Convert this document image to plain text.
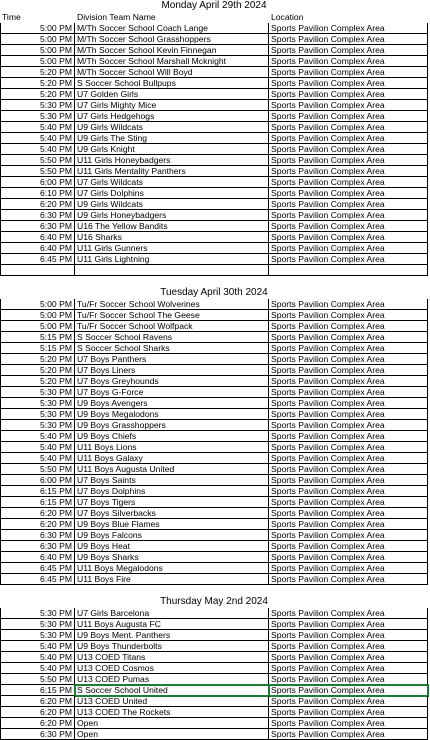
Monday April 29th 2024
Time	Division Team Name	Location
5:00 PM M/Th Soccer School Coach Lange	Sports Pavilion Complex Area
5:00 PM M/Th Soccer School Grasshoppers	Sports Pavilion Complex Area
5:00 PM M/Th Soccer School Kevin Finnegan	Sports Pavilion Complex Area
5:00 PM M/Th Soccer School Marshall Mcknight	Sports Pavilion Complex Area
5:20 PM M/Th Soccer School Will Boyd	Sports Pavilion Complex Area
5:20 PM S Soccer School Bullpups	Sports Pavilion Complex Area
5:20 PM U7 Golden Girls	Sports Pavilion Complex Area
5:30 PM U7 Girls Mighty Mice	Sports Pavilion Complex Area
5:30 PM U7 Girls Hedgehogs	Sports Pavilion Complex Area
5:40 PM U9 Girls Wildcats	Sports Pavilion Complex Area
5:40 PM U9 Girls The Sting	Sports Pavilion Complex Area
5:40 PM U9 Girls Knight	Sports Pavilion Complex Area
5:50 PM U11 Girls Honeybadgers	Sports Pavilion Complex Area
5:50 PM U11 Girls Mentality Panthers	Sports Pavilion Complex Area
6:00 PM U7 Girls Wildcats	Sports Pavilion Complex Area
6:10 PM U7 Girls Dolphins	Sports Pavilion Complex Area
6:20 PM U9 Girls Wildcats	Sports Pavilion Complex Area
6:30 PM U9 Girls Honeybadgers	Sports Pavilion Complex Area
6:30 PM U16 The Yellow Bandits	Sports Pavilion Complex Area
6:40 PM U16 Sharks	Sports Pavilion Complex Area
6:40 PM U11 Girls Gunners	Sports Pavilion Complex Area
6:45 PM U11 Girls Lightning	Sports Pavilion Complex Area
Tuesday April 30th 2024
5:00 PM Tu/Fr Soccer School Wolverines	Sports Pavilion Complex Area
5:00 PM Tu/Fr Soccer School The Geese	Sports Pavilion Complex Area
5:00 PM Tu/Fr Soccer School Wolfpack	Sports Pavilion Complex Area
5:15 PM S Soccer School Ravens	Sports Pavilion Complex Area
5:15 PM S Soccer School Sharks	Sports Pavilion Complex Area
5:20 PM U7 Boys Panthers	Sports Pavilion Complex Area
5:20 PM U7 Boys Liners	Sports Pavilion Complex Area
5:20 PM U7 Boys Greyhounds	Sports Pavilion Complex Area
5:30 PM U7 Boys G-Force	Sports Pavilion Complex Area
5:30 PM U9 Boys Avengers	Sports Pavilion Complex Area
5:30 PM U9 Boys Megalodons	Sports Pavilion Complex Area
5:30 PM U9 Boys Grasshoppers	Sports Pavilion Complex Area
5:40 PM U9 Boys Chiefs	Sports Pavilion Complex Area
5:40 PM U11 Boys Lions	Sports Pavilion Complex Area
5:40 PM U11 Boys Galaxy	Sports Pavilion Complex Area
5:50 PM U11 Boys Augusta United	Sports Pavilion Complex Area
6:00 PM U7 Boys Saints	Sports Pavilion Complex Area
6:15 PM U7 Boys Dolphins	Sports Pavilion Complex Area
6:15 PM U7 Boys Tigers	Sports Pavilion Complex Area
6:20 PM U7 Boys Silverbacks	Sports Pavilion Complex Area
6:20 PM U9 Boys Blue Flames	Sports Pavilion Complex Area
6:30 PM U9 Boys Falcons	Sports Pavilion Complex Area
6:30 PM U9 Boys Heat	Sports Pavilion Complex Area
6:40 PM U9 Boys Sharks	Sports Pavilion Complex Area
6:45 PM U11 Boys Megalodons	Sports Pavilion Complex Area
6:45 PM U11 Boys Fire	Sports Pavilion Complex Area
Thursday May 2nd 2024
5:30 PM U7 Girls Barcelona	Sports Pavilion Complex Area
5:30 PM U11 Boys Augusta FC	Sports Pavilion Complex Area
5:30 PM U9 Boys Ment. Panthers	Sports Pavilion Complex Area
5:40 PM U9 Boys Thunderbolts	Sports Pavilion Complex Area
5:40 PM U13 COED Titans	Sports Pavilion Complex Area
5:40 PM U13 COED Cosmos	Sports Pavilion Complex Area
5:50 PM U13 COED Pumas	Sports Pavilion Complex Area
6:15 PM S Soccer School United	Sports Pavilion Complex Area
6:20 PM U13 COED United	Sports Pavilion Complex Area
6:20 PM U13 COED The Rockets	Sports Pavilion Complex Area
6:20 PM Open	Sports Pavilion Complex Area
6:30 PM Open	Sports Pavilion Complex Area
